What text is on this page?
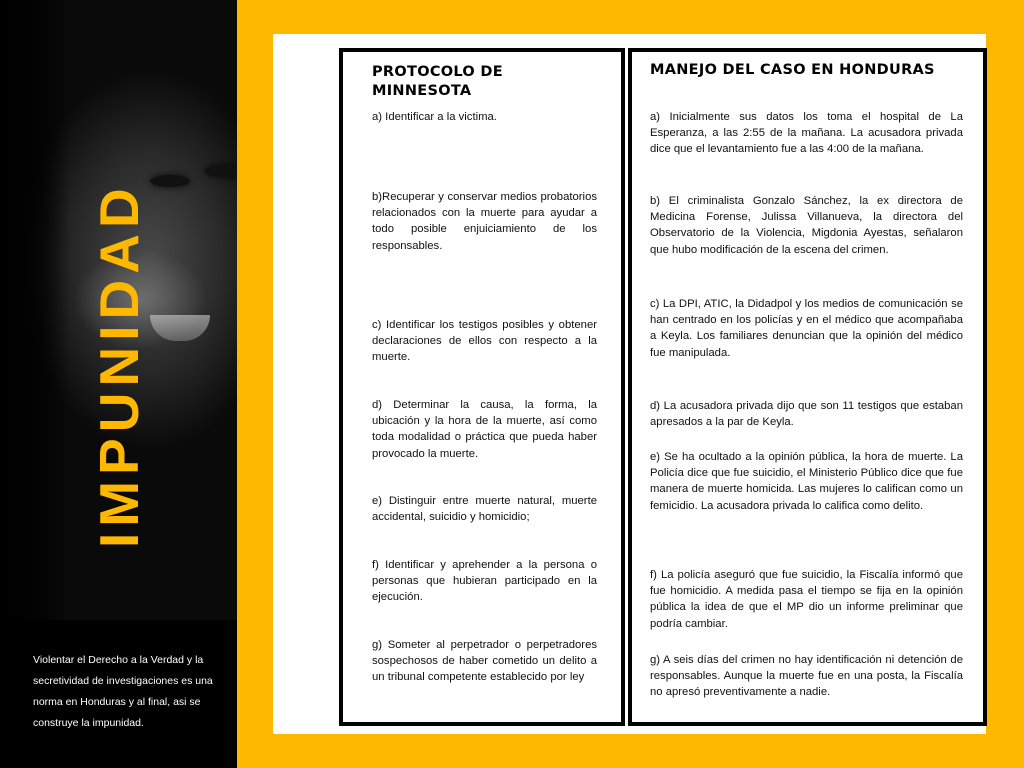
IMPUNIDAD
Violentar el Derecho a la Verdad y la secretividad de investigaciones es una norma en Honduras y al final, asi se construye la impunidad.
PROTOCOLO DE MINNESOTA
a) Identificar a la victima.
b)Recuperar y conservar medios probatorios relacionados con la muerte para ayudar a todo posible enjuiciamiento de los responsables.
c) Identificar los testigos posibles y obtener declaraciones de ellos con respecto a la muerte.
d) Determinar la causa, la forma, la ubicación y la hora de la muerte, así como toda modalidad o práctica que pueda haber provocado la muerte.
e) Distinguir entre muerte natural, muerte accidental, suicidio y homicidio;
f) Identificar y aprehender a la persona o personas que hubieran participado en la ejecución.
g) Someter al perpetrador o perpetradores sospechosos de haber cometido un delito a un tribunal competente establecido por ley
MANEJO DEL CASO EN HONDURAS
a) Inicialmente sus datos los toma el hospital de La Esperanza, a las 2:55 de la mañana. La acusadora privada dice que el levantamiento fue a las 4:00 de la mañana.
b) El criminalista Gonzalo Sánchez, la ex directora de Medicina Forense, Julissa Villanueva, la directora del Observatorio de la Violencia, Migdonia Ayestas, señalaron que hubo modificación de la escena del crimen.
c) La DPI, ATIC, la Didadpol y los medios de comunicación se han centrado en los policías y en el médico que acompañaba a Keyla. Los familiares denuncian que la opinión del médico fue manipulada.
d) La acusadora privada dijo que son 11 testigos que estaban apresados a la par de Keyla.
e) Se ha ocultado a la opinión pública, la hora de muerte. La Policía dice que fue suicidio, el Ministerio Público dice que fue manera de muerte homicida. Las mujeres lo califican como un femicidio. La acusadora privada lo califica como delito.
f) La policía aseguró que fue suicidio, la Fiscalía informó que fue homicidio. A medida pasa el tiempo se fija en la opinión pública la idea de que el MP dio un informe preliminar que podría cambiar.
g) A seis días del crimen no hay identificación ni detención de responsables. Aunque la muerte fue en una posta, la Fiscalía no apresó preventivamente a nadie.
